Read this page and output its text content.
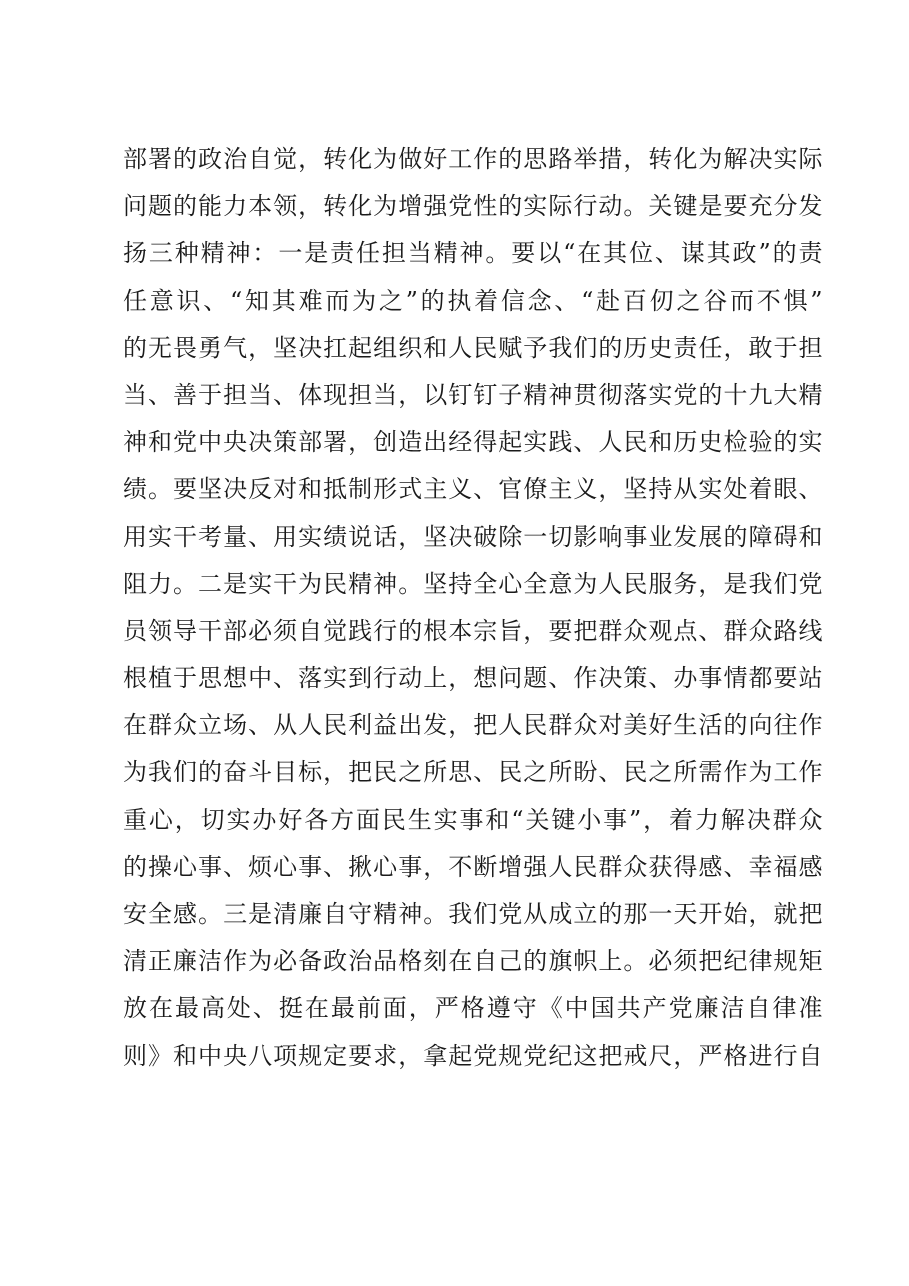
部署的政治自觉，转化为做好工作的思路举措，转化为解决实际
问题的能力本领，转化为增强党性的实际行动。关键是要充分发
扬三种精神：一是责任担当精神。要以“在其位、谋其政”的责
任意识、“知其难而为之”的执着信念、“赴百仞之谷而不惧”
的无畏勇气，坚决扛起组织和人民赋予我们的历史责任，敢于担
当、善于担当、体现担当，以钉钉子精神贯彻落实党的十九大精
神和党中央决策部署，创造出经得起实践、人民和历史检验的实
绩。要坚决反对和抵制形式主义、官僚主义，坚持从实处着眼、
用实干考量、用实绩说话，坚决破除一切影响事业发展的障碍和
阻力。二是实干为民精神。坚持全心全意为人民服务，是我们党
员领导干部必须自觉践行的根本宗旨，要把群众观点、群众路线
根植于思想中、落实到行动上，想问题、作决策、办事情都要站
在群众立场、从人民利益出发，把人民群众对美好生活的向往作
为我们的奋斗目标，把民之所思、民之所盼、民之所需作为工作
重心，切实办好各方面民生实事和“关键小事”，着力解决群众
的操心事、烦心事、揪心事，不断增强人民群众获得感、幸福感
安全感。三是清廉自守精神。我们党从成立的那一天开始，就把
清正廉洁作为必备政治品格刻在自己的旗帜上。必须把纪律规矩
放在最高处、挺在最前面，严格遵守《中国共产党廉洁自律准
则》和中央八项规定要求，拿起党规党纪这把戒尺，严格进行自
